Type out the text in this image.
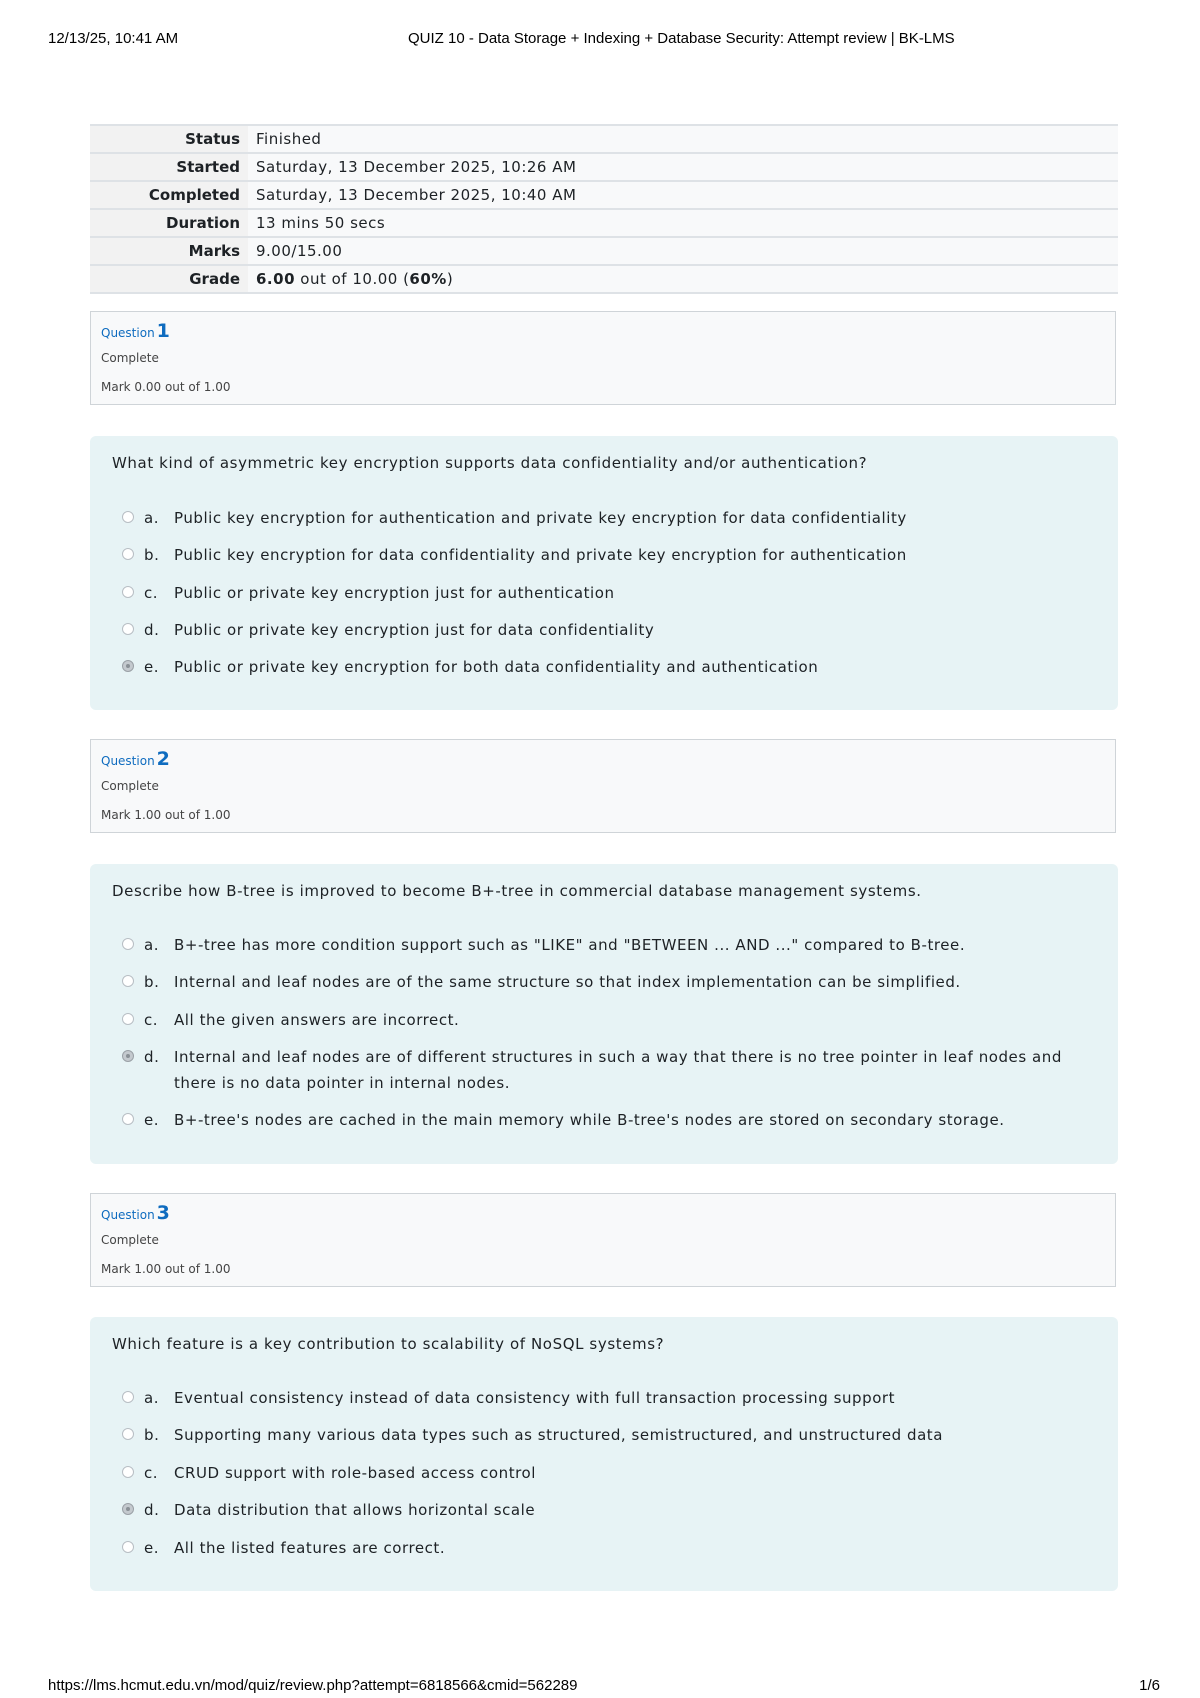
12/13/25, 10:41 AM	QUIZ 10 - Data Storage + Indexing + Database Security: Attempt review | BK-LMS
Status	Finished
Started	Saturday, 13 December 2025, 10:26 AM
Completed	Saturday, 13 December 2025, 10:40 AM
Duration	13 mins 50 secs
Marks	9.00/15.00
Grade	6.00 out of 10.00 (60%)
Question 1
Complete
Mark 0.00 out of 1.00
What kind of asymmetric key encryption supports data confidentiality and/or authentication?
a. Public key encryption for authentication and private key encryption for data confidentiality
b. Public key encryption for data confidentiality and private key encryption for authentication
c. Public or private key encryption just for authentication
d. Public or private key encryption just for data confidentiality
e. Public or private key encryption for both data confidentiality and authentication
Question 2
Complete
Mark 1.00 out of 1.00
Describe how B-tree is improved to become B+-tree in commercial database management systems.
a. B+-tree has more condition support such as "LIKE" and "BETWEEN ... AND ..." compared to B-tree.
b. Internal and leaf nodes are of the same structure so that index implementation can be simplified.
c. All the given answers are incorrect.
d. Internal and leaf nodes are of different structures in such a way that there is no tree pointer in leaf nodes and there is no data pointer in internal nodes.
e. B+-tree's nodes are cached in the main memory while B-tree's nodes are stored on secondary storage.
Question 3
Complete
Mark 1.00 out of 1.00
Which feature is a key contribution to scalability of NoSQL systems?
a. Eventual consistency instead of data consistency with full transaction processing support
b. Supporting many various data types such as structured, semistructured, and unstructured data
c. CRUD support with role-based access control
d. Data distribution that allows horizontal scale
e. All the listed features are correct.
https://lms.hcmut.edu.vn/mod/quiz/review.php?attempt=6818566&cmid=562289	1/6
